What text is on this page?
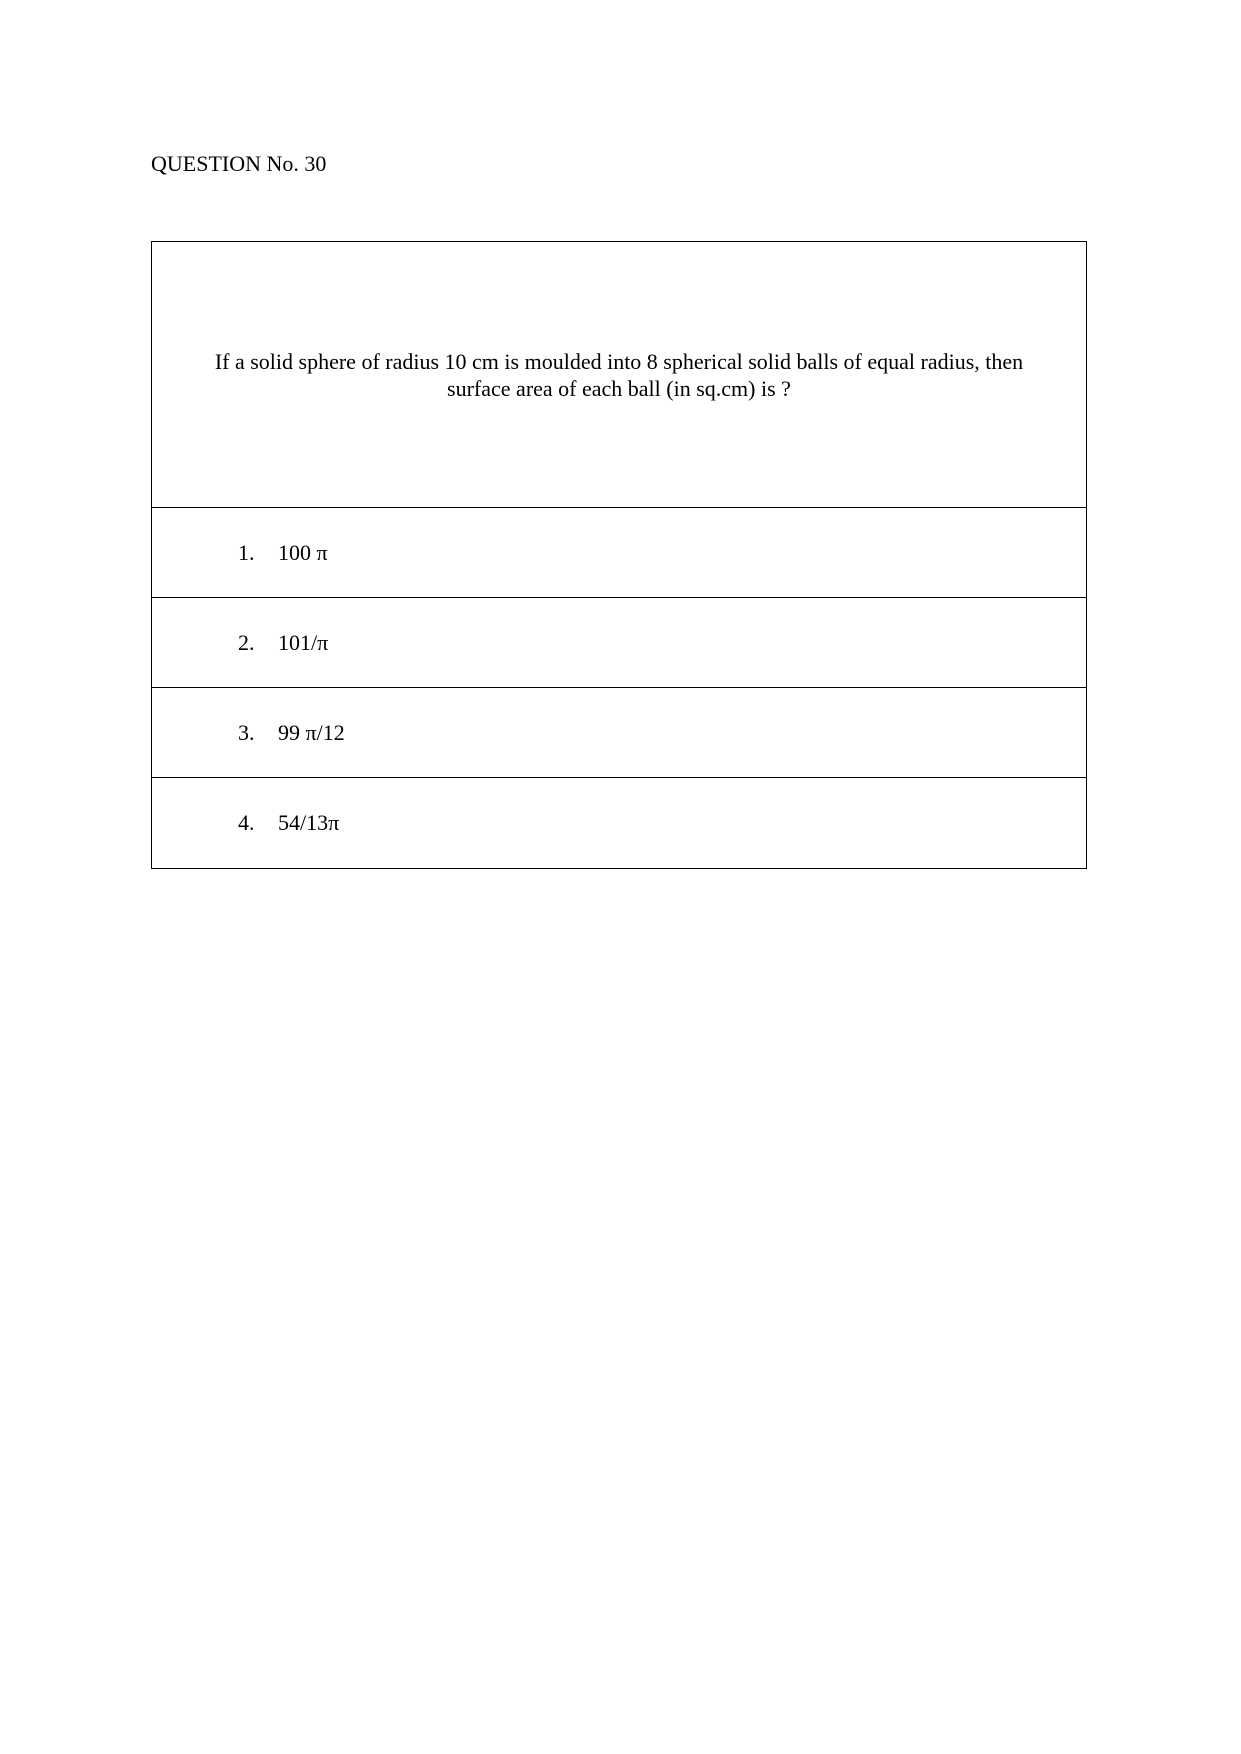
QUESTION No. 30
If a solid sphere of radius 10 cm is moulded into 8 spherical solid balls of equal radius, then surface area of each ball (in sq.cm) is ?
1.	100 π
2.	101/π
3.	99 π/12
4.	54/13π
